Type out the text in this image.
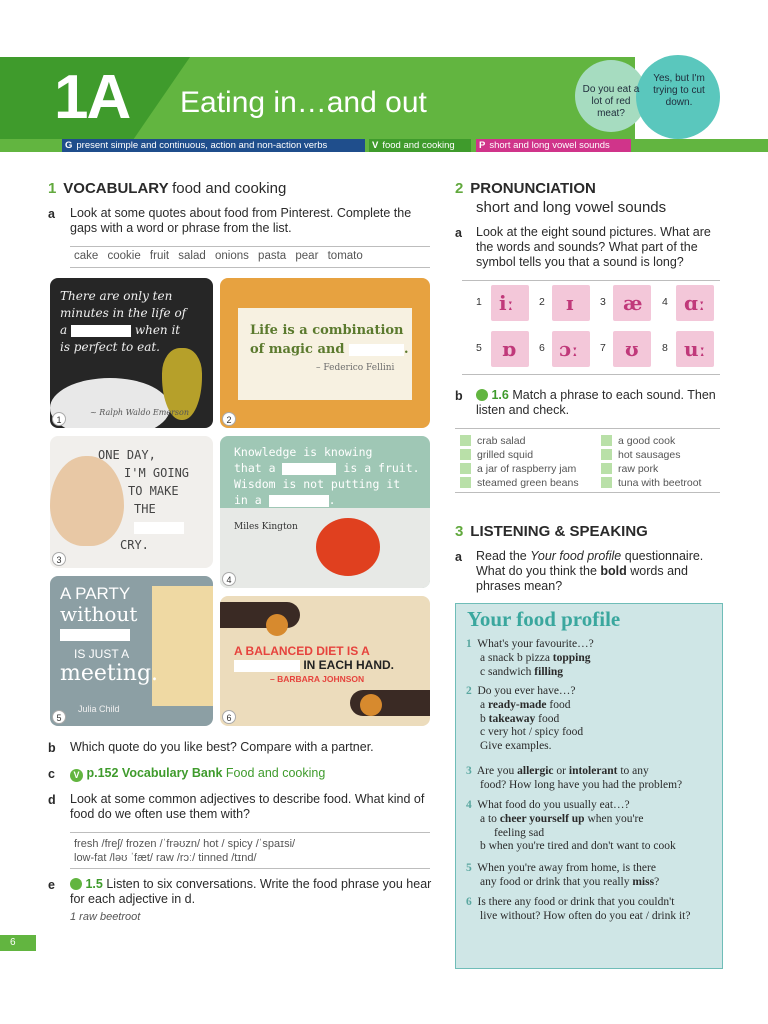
1A Eating in…and out
G present simple and continuous, action and non-action verbs	V food and cooking	P short and long vowel sounds
Do you eat a lot of red meat?
Yes, but I'm trying to cut down.
1 VOCABULARY food and cooking
a Look at some quotes about food from Pinterest. Complete the gaps with a word or phrase from the list.
cake cookie fruit salad onions pasta pear tomato
There are only ten
minutes in the life of
a	when it
is perfect to eat.
~ Ralph Waldo Emerson
1
Life is a combination
of magic and	.
– Federico Fellini
2
ONE DAY,
I'M GOING
TO MAKE
THE
CRY.
3
Knowledge is knowing
that a	is a fruit.
Wisdom is not putting it
in a	.
Miles Kington
4
A PARTY
without
IS JUST A
meeting.
Julia Child
5
A BALANCED DIET IS A
IN EACH HAND.
– BARBARA JOHNSON
6
b Which quote do you like best? Compare with a partner.
c	V p.152 Vocabulary Bank Food and cooking
d Look at some common adjectives to describe food. What kind of food do we often use them with?
fresh /freʃ/ frozen /ˈfrəʊzn/ hot / spicy /ˈspaɪsi/
low-fat /ləʊ ˈfæt/ raw /rɔː/ tinned /tɪnd/
e	1.5 Listen to six conversations. Write the food phrase you hear for each adjective in d.
1 raw beetroot
2 PRONUNCIATION
short and long vowel sounds
a Look at the eight sound pictures. What are the words and sounds? What part of the symbol tells you that a sound is long?
1 iː 2 ɪ	3 æ 4 ɑː
5 ɒ 6 ɔː 7 ʊ 8 uː
b	1.6 Match a phrase to each sound. Then listen and check.
crab salad
grilled squid
a jar of raspberry jam
steamed green beans
a good cook
hot sausages
raw pork
tuna with beetroot
3 LISTENING & SPEAKING
a Read the Your food profile questionnaire. What do you think the bold words and phrases mean?
Your food profile
1 What's your favourite…?
a snack b pizza topping
c sandwich filling
2 Do you ever have…?
a ready-made food
b takeaway food
c very hot / spicy food
Give examples.
3 Are you allergic or intolerant to any
food? How long have you had the problem?
4 What food do you usually eat…?
a to cheer yourself up when you're
feeling sad
b when you're tired and don't want to cook
5 When you're away from home, is there
any food or drink that you really miss?
6 Is there any food or drink that you couldn't
live without? How often do you eat / drink it?
6
